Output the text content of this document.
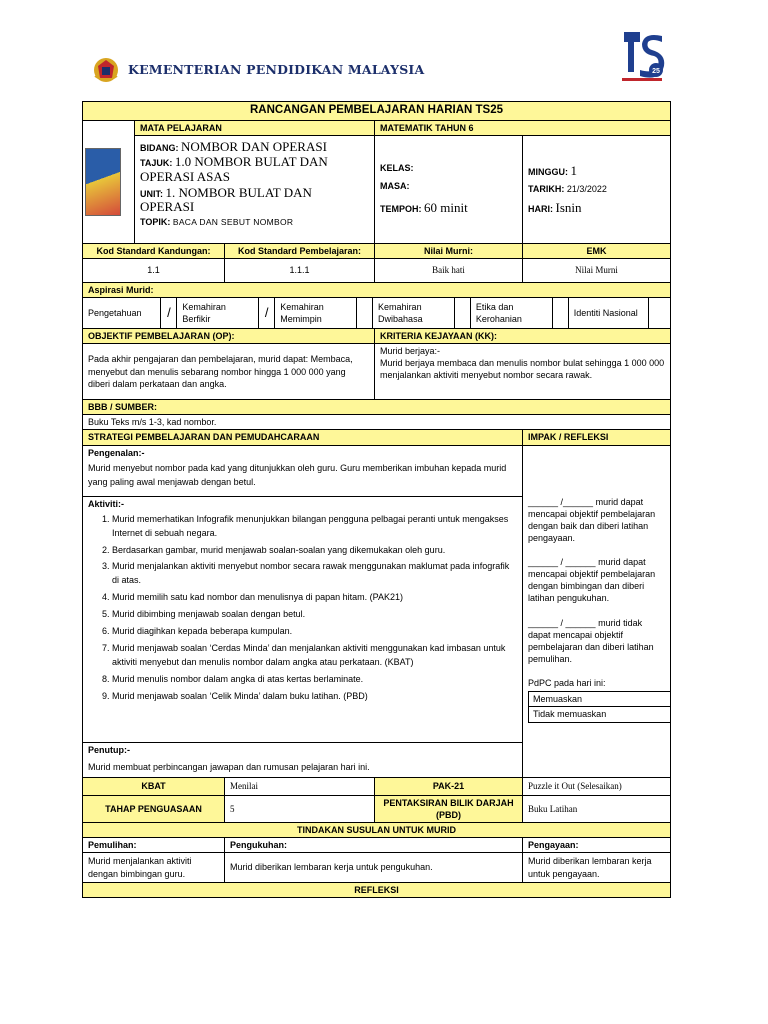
KEMENTERIAN PENDIDIKAN MALAYSIA	25
RANCANGAN PEMBELAJARAN HARIAN TS25

	MATA PELAJARAN	MATEMATIK TAHUN 6

BIDANG: NOMBOR DAN OPERASI
TAJUK: 1.0 NOMBOR BULAT DAN OPERASI ASAS
UNIT: 1. NOMBOR BULAT DAN OPERASI
TOPIK: BACA DAN SEBUT NOMBOR

KELAS:
MASA:
TEMPOH: 60 minit

MINGGU: 1
TARIKH: 21/3/2022
HARI: Isnin

Kod Standard Kandungan:	Kod Standard Pembelajaran:	Nilai Murni:	EMK
1.1	1.1.1	Baik hati	Nilai Murni
Aspirasi Murid:

Pengetahuan	/	Kemahiran Berfikir	/	Kemahiran Memimpin		Kemahiran Dwibahasa		Etika dan Kerohanian		Identiti Nasional	

OBJEKTIF PEMBELAJARAN (OP):	KRITERIA KEJAYAAN (KK):
Pada akhir pengajaran dan pembelajaran, murid dapat: Membaca, menyebut dan menulis sebarang nombor hingga 1 000 000 yang diberi dalam perkataan dan angka.	
Murid berjaya:-
Murid berjaya membaca dan menulis nombor bulat sehingga 1 000 000 menjalankan aktiviti menyebut nombor secara rawak.

BBB / SUMBER:
Buku Teks m/s 1-3, kad nombor.
STRATEGI PEMBELAJARAN DAN PEMUDAHCARAAN	IMPAK / REFLEKSI

Pengenalan:-
Murid menyebut nombor pada kad yang ditunjukkan oleh guru. Guru memberikan imbuhan kepada murid yang paling awal menjawab dengan betul.

______ /______ murid dapat mencapai objektif pembelajaran dengan baik dan diberi latihan pengayaan.

______ / ______ murid dapat mencapai objektif pembelajaran dengan bimbingan dan diberi latihan pengukuhan.

______ / ______ murid tidak dapat mencapai objektif pembelajaran dan diberi latihan pemulihan.

PdPC pada hari ini:
Memuaskan	
Tidak memuaskan	

Aktiviti:-
1. Murid memerhatikan Infografik menunjukkan bilangan pengguna pelbagai peranti untuk mengakses Internet di sebuah negara.
2. Berdasarkan gambar, murid menjawab soalan-soalan yang dikemukakan oleh guru.
3. Murid menjalankan aktiviti menyebut nombor secara rawak menggunakan maklumat pada infografik di atas.
4. Murid memilih satu kad nombor dan menulisnya di papan hitam. (PAK21)
5. Murid dibimbing menjawab soalan dengan betul.
6. Murid diagihkan kepada beberapa kumpulan.
7. Murid menjawab soalan ‘Cerdas Minda’ dan menjalankan aktiviti menggunakan kad imbasan untuk aktiviti menyebut dan menulis nombor dalam angka atau perkataan. (KBAT)
8. Murid menulis nombor dalam angka di atas kertas berlaminate.
9. Murid menjawab soalan ‘Celik Minda’ dalam buku latihan. (PBD)

Penutup:-
Murid membuat perbincangan jawapan dan rumusan pelajaran hari ini.

KBAT	Menilai	PAK-21	Puzzle it Out (Selesaikan)
TAHAP PENGUASAAN	5	PENTAKSIRAN BILIK DARJAH (PBD)	Buku Latihan
TINDAKAN SUSULAN UNTUK MURID
Pemulihan:	Pengukuhan:	Pengayaan:
Murid menjalankan aktiviti dengan bimbingan guru.	Murid diberikan lembaran kerja untuk pengukuhan.	Murid diberikan lembaran kerja untuk pengayaan.
REFLEKSI
